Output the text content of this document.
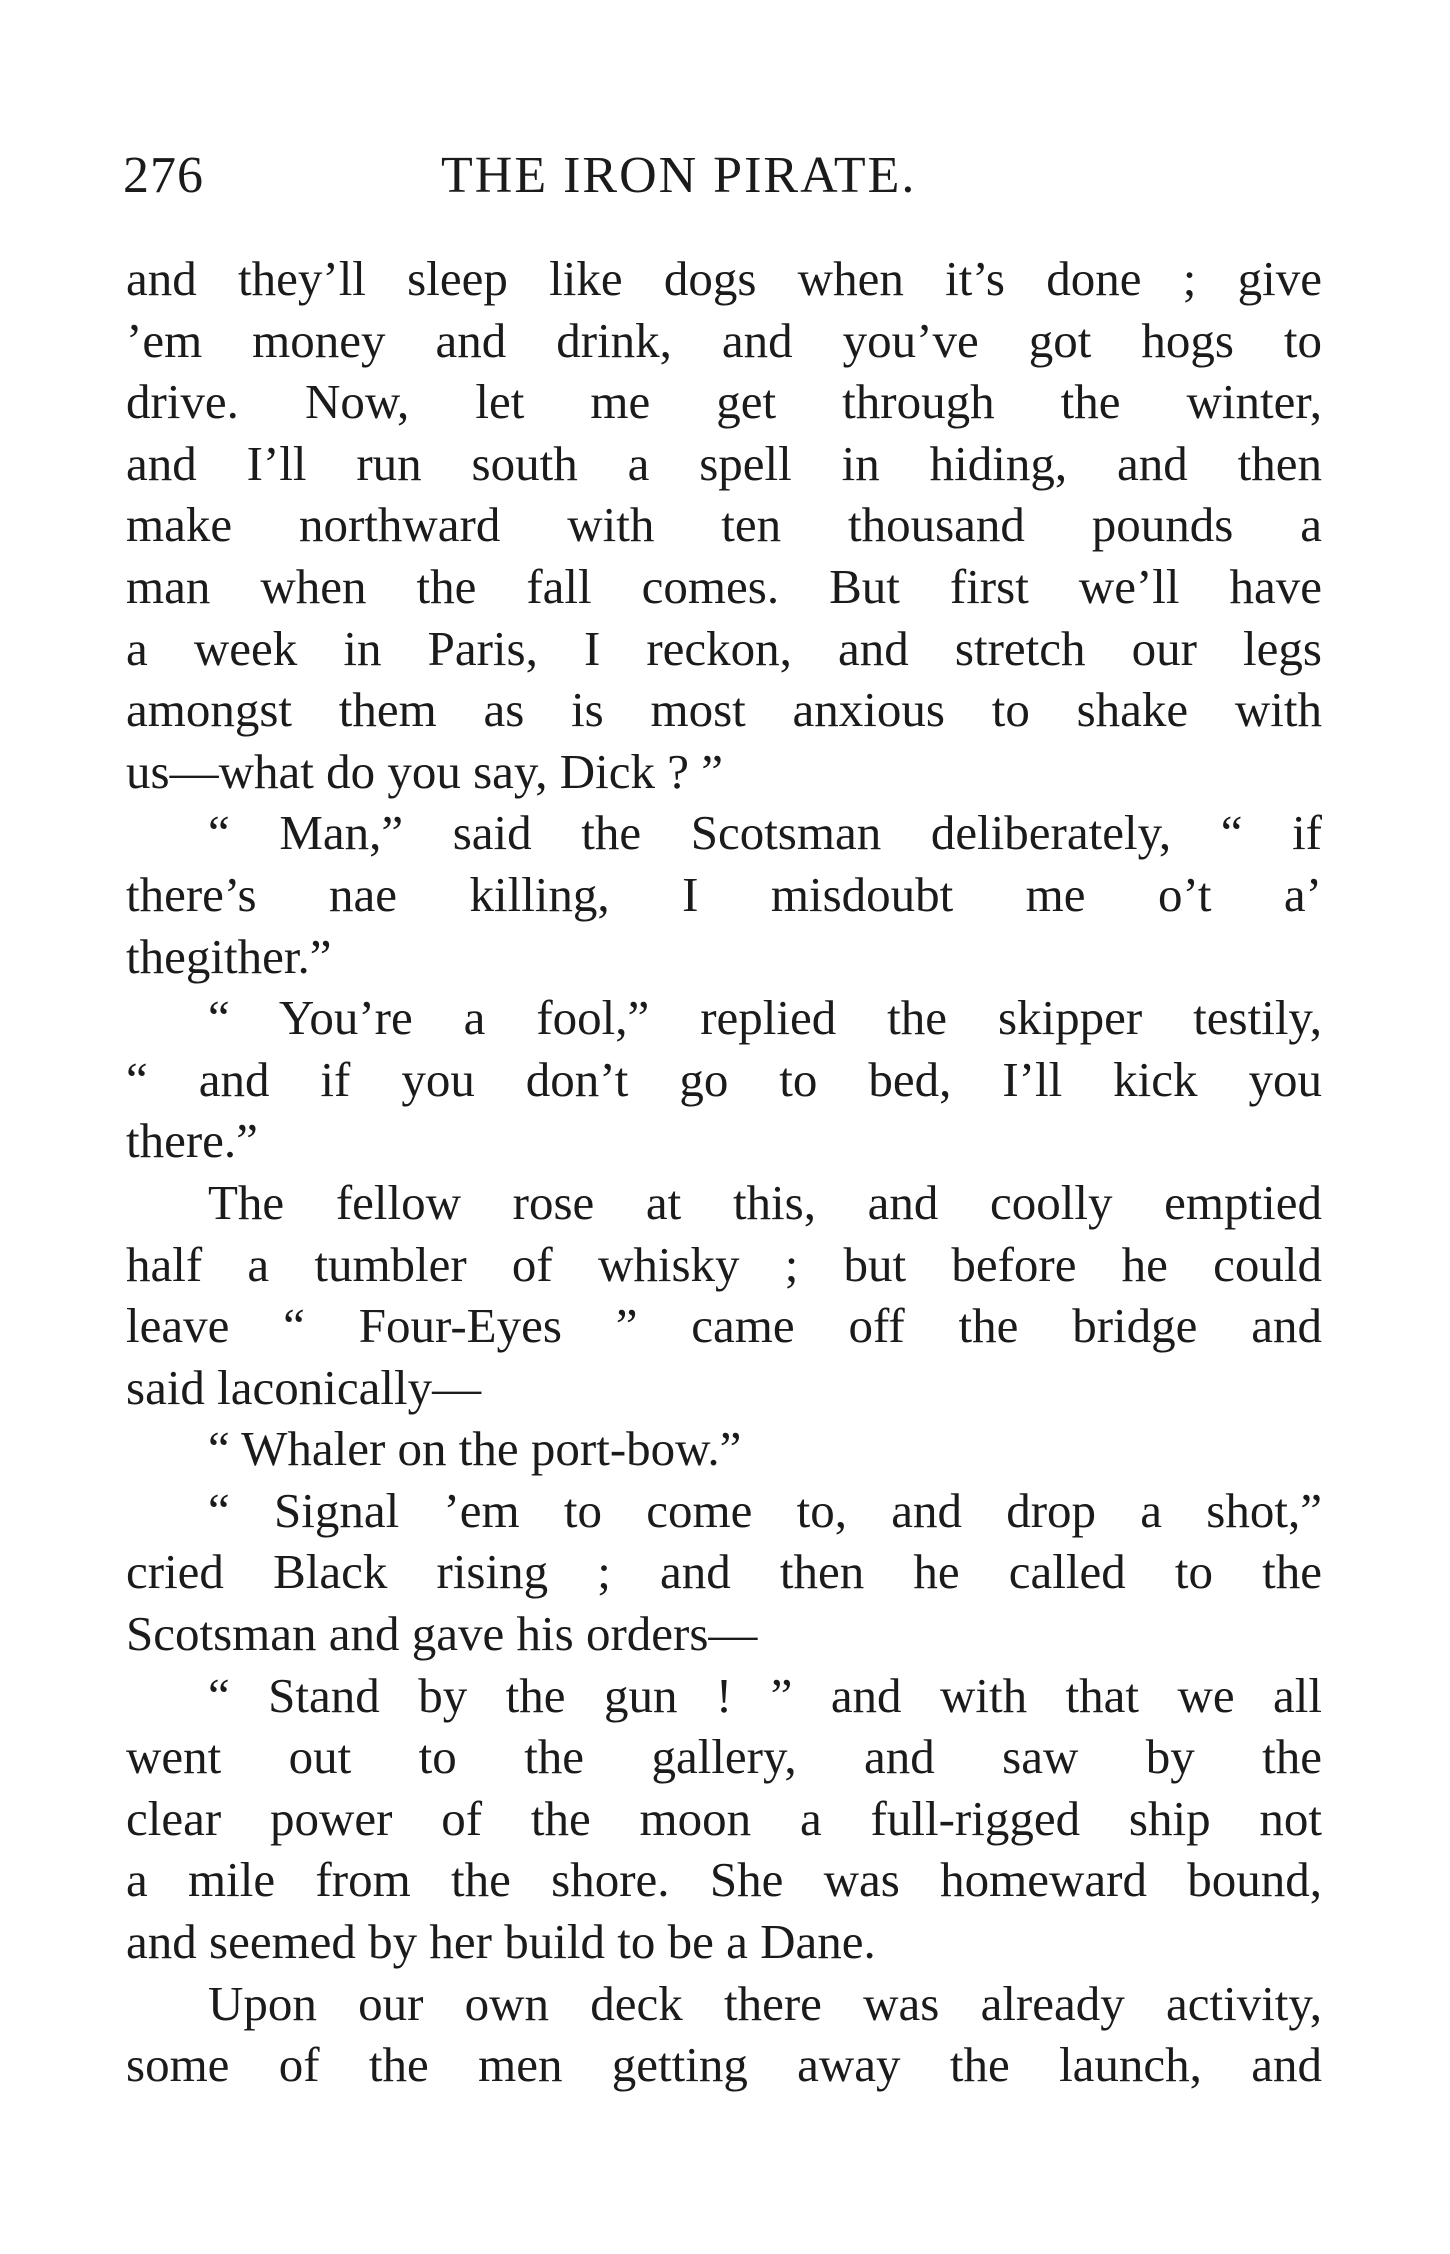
276	THE IRON PIRATE.
and they’ll sleep like dogs when it’s done ; give
’em money and drink, and you’ve got hogs to
drive. Now, let me get through the winter,
and I’ll run south a spell in hiding, and then
make northward with ten thousand pounds a
man when the fall comes. But first we’ll have
a week in Paris, I reckon, and stretch our legs
amongst them as is most anxious to shake with
us—what do you say, Dick ? ”
“ Man,” said the Scotsman deliberately, “ if
there’s nae killing, I misdoubt me o’t a’
thegither.”
“ You’re a fool,” replied the skipper testily,
“ and if you don’t go to bed, I’ll kick you
there.”
The fellow rose at this, and coolly emptied
half a tumbler of whisky ; but before he could
leave “ Four-Eyes ” came off the bridge and
said laconically—
“ Whaler on the port-bow.”
“ Signal ’em to come to, and drop a shot,”
cried Black rising ; and then he called to the
Scotsman and gave his orders—
“ Stand by the gun ! ” and with that we all
went out to the gallery, and saw by the
clear power of the moon a full-rigged ship not
a mile from the shore. She was homeward bound,
and seemed by her build to be a Dane.
Upon our own deck there was already activity,
some of the men getting away the launch, and
